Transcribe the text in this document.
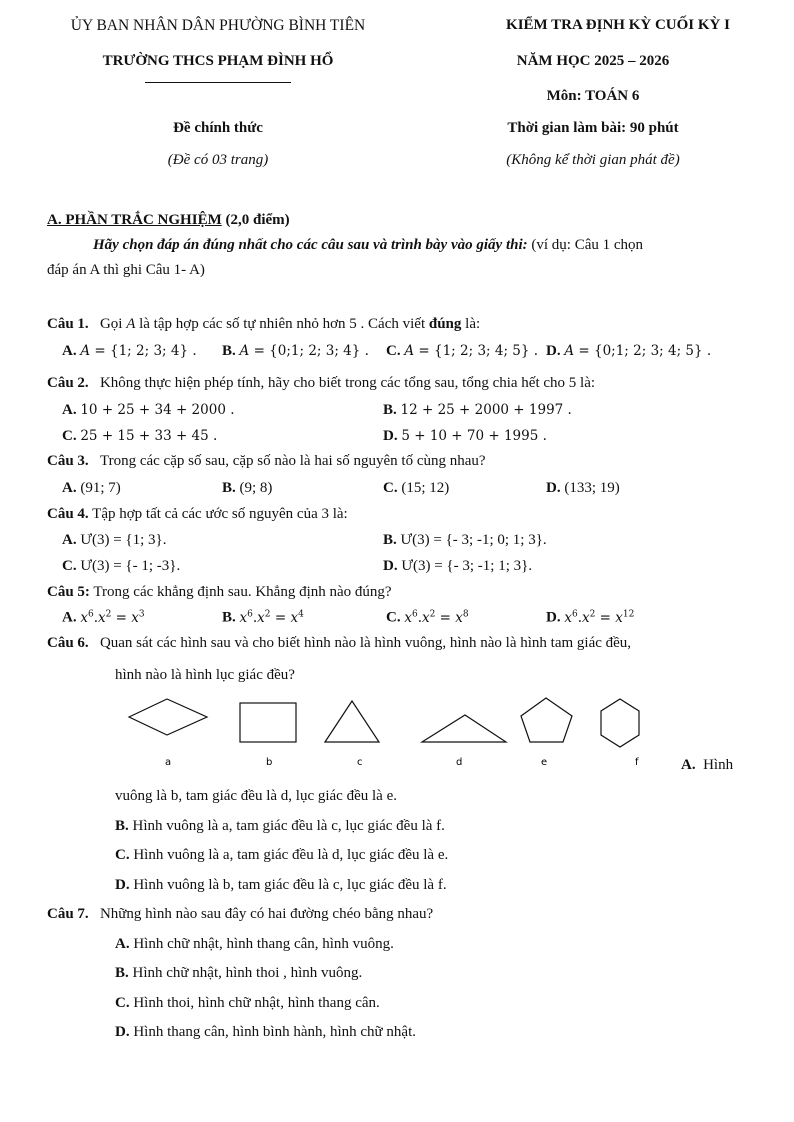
ỦY BAN NHÂN DÂN PHƯỜNG BÌNH TIÊN
TRƯỜNG THCS PHẠM ĐÌNH HỔ
Đề chính thức
(Đề có 03 trang)
KIỂM TRA ĐỊNH KỲ CUỐI KỲ I
NĂM HỌC 2025 – 2026
Môn: TOÁN 6
Thời gian làm bài: 90 phút
(Không kể thời gian phát đề)
A. PHẦN TRẮC NGHIỆM (2,0 điểm)
Hãy chọn đáp án đúng nhất cho các câu sau và trình bày vào giấy thi: (ví dụ: Câu 1 chọn
đáp án A thì ghi Câu 1- A)
Câu 1. Gọi A là tập hợp các số tự nhiên nhỏ hơn 5 . Cách viết đúng là:
A. A = {1; 2; 3; 4} . B. A = {0;1; 2; 3; 4} . C. A = {1; 2; 3; 4; 5} . D. A = {0;1; 2; 3; 4; 5} .
Câu 2. Không thực hiện phép tính, hãy cho biết trong các tổng sau, tổng chia hết cho 5 là:
A. 10 + 25 + 34 + 2000 .	B. 12 + 25 + 2000 + 1997 .
C. 25 + 15 + 33 + 45 .	D. 5 + 10 + 70 + 1995 .
Câu 3. Trong các cặp số sau, cặp số nào là hai số nguyên tố cùng nhau?
A. (91; 7)	B. (9; 8)	C. (15; 12)	D. (133; 19)
Câu 4. Tập hợp tất cả các ước số nguyên của 3 là:
A. Ư(3) = {1; 3}.	B. Ư(3) = {- 3; -1; 0; 1; 3}.
C. Ư(3) = {- 1; -3}.	D. Ư(3) = {- 3; -1; 1; 3}.
Câu 5: Trong các khẳng định sau. Khẳng định nào đúng?
A. $x^6.x^2 = x^3$	B. $x^6.x^2 = x^4$	C. $x^6.x^2 = x^8$	D. $x^6.x^2 = x^{12}$
Câu 6. Quan sát các hình sau và cho biết hình nào là hình vuông, hình nào là hình tam giác đều,
hình nào là hình lục giác đều?
a	b	c	d	e	f	A. Hình
vuông là b, tam giác đều là d, lục giác đều là e.
B. Hình vuông là a, tam giác đều là c, lục giác đều là f.
C. Hình vuông là a, tam giác đều là d, lục giác đều là e.
D. Hình vuông là b, tam giác đều là c, lục giác đều là f.
Câu 7. Những hình nào sau đây có hai đường chéo bằng nhau?
A. Hình chữ nhật, hình thang cân, hình vuông.
B. Hình chữ nhật, hình thoi , hình vuông.
C. Hình thoi, hình chữ nhật, hình thang cân.
D. Hình thang cân, hình bình hành, hình chữ nhật.
